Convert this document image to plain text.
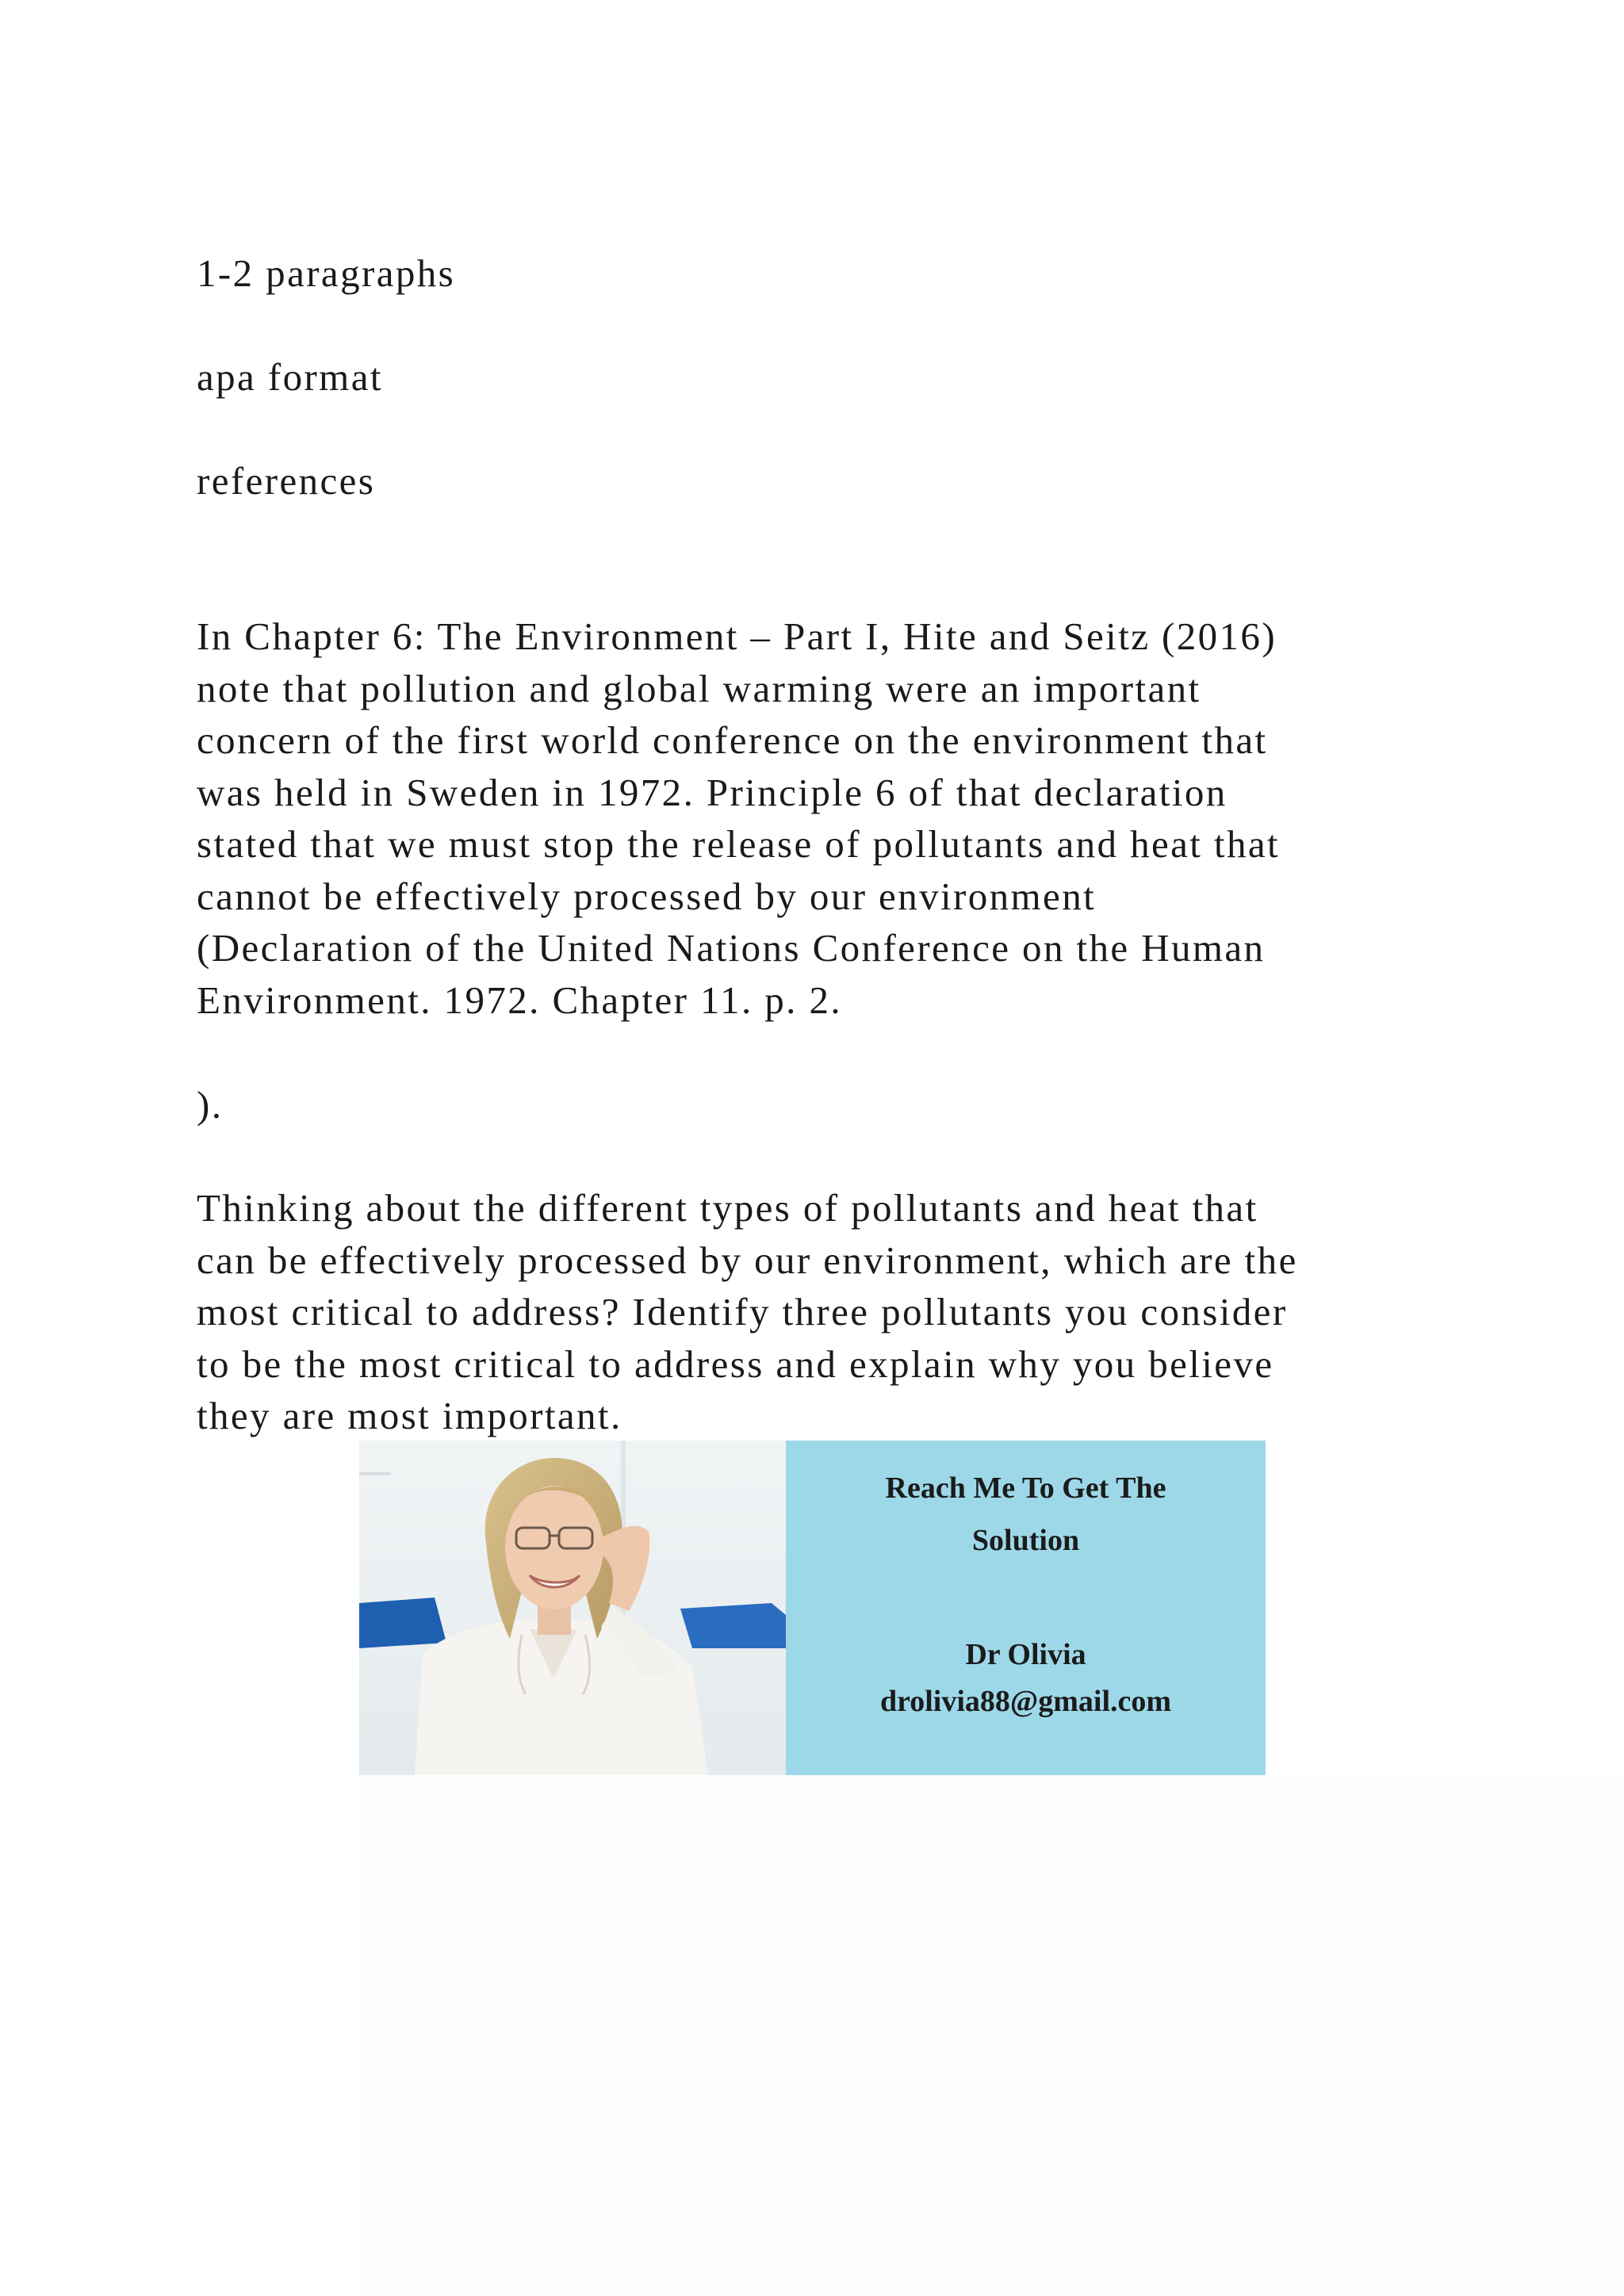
1-2 paragraphs

apa format

references

In Chapter 6: The Environment – Part I, Hite and Seitz (2016)
note that pollution and global warming were an important
concern of the first world conference on the environment that
was held in Sweden in 1972. Principle 6 of that declaration
stated that we must stop the release of pollutants and heat that
cannot be effectively processed by our environment
(Declaration of the United Nations Conference on the Human
Environment. 1972. Chapter 11. p. 2.

).

Thinking about the different types of pollutants and heat that
can be effectively processed by our environment, which are the
most critical to address? Identify three pollutants you consider
to be the most critical to address and explain why you believe
they are most important.
Reach Me To Get The
Solution
Dr Olivia
drolivia88@gmail.com
